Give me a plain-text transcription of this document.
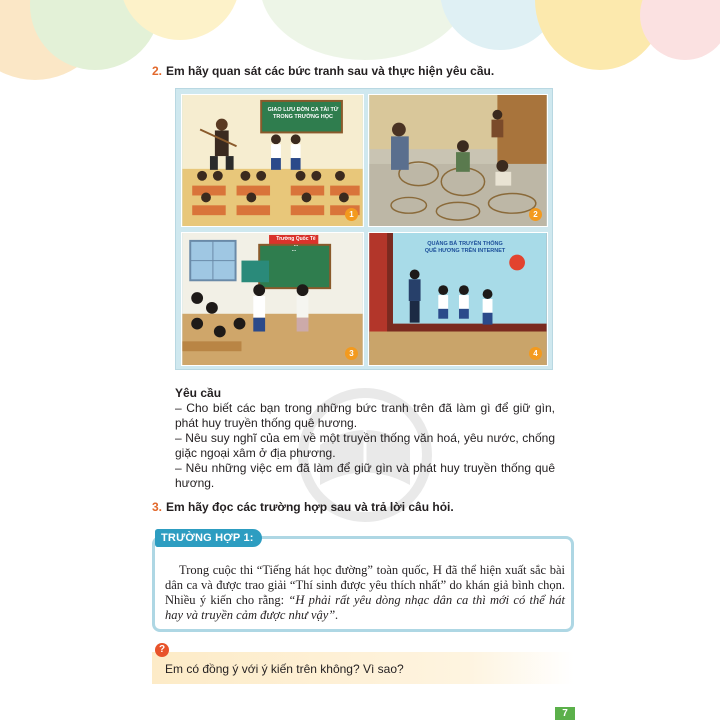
2. Em hãy quan sát các bức tranh sau và thực hiện yêu cầu.
GIAO LƯU ĐỜN CA TÀI TỬ TRONG TRƯỜNG HỌC
1	2
Trường Quốc Tế ...
...
3
QUẢNG BÁ TRUYỀN THỐNG QUÊ HƯƠNG TRÊN INTERNET
4
Yêu cầu

– Cho biết các bạn trong những bức tranh trên đã làm gì để giữ gìn, phát huy truyền thống quê hương.

– Nêu suy nghĩ của em về một truyền thống văn hoá, yêu nước, chống giặc ngoại xâm ở địa phương.

– Nêu những việc em đã làm để giữ gìn và phát huy truyền thống quê hương.

3. Em hãy đọc các trường hợp sau và trả lời câu hỏi.
TRƯỜNG HỢP 1:
Trong cuộc thi “Tiếng hát học đường” toàn quốc, H đã thể hiện xuất sắc bài dân ca và được trao giải “Thí sinh được yêu thích nhất” do khán giả bình chọn. Nhiều ý kiến cho rằng: “H phải rất yêu dòng nhạc dân ca thì mới có thể hát hay và truyền cảm được như vậy”.
?
Em có đồng ý với ý kiến trên không? Vì sao?
7
